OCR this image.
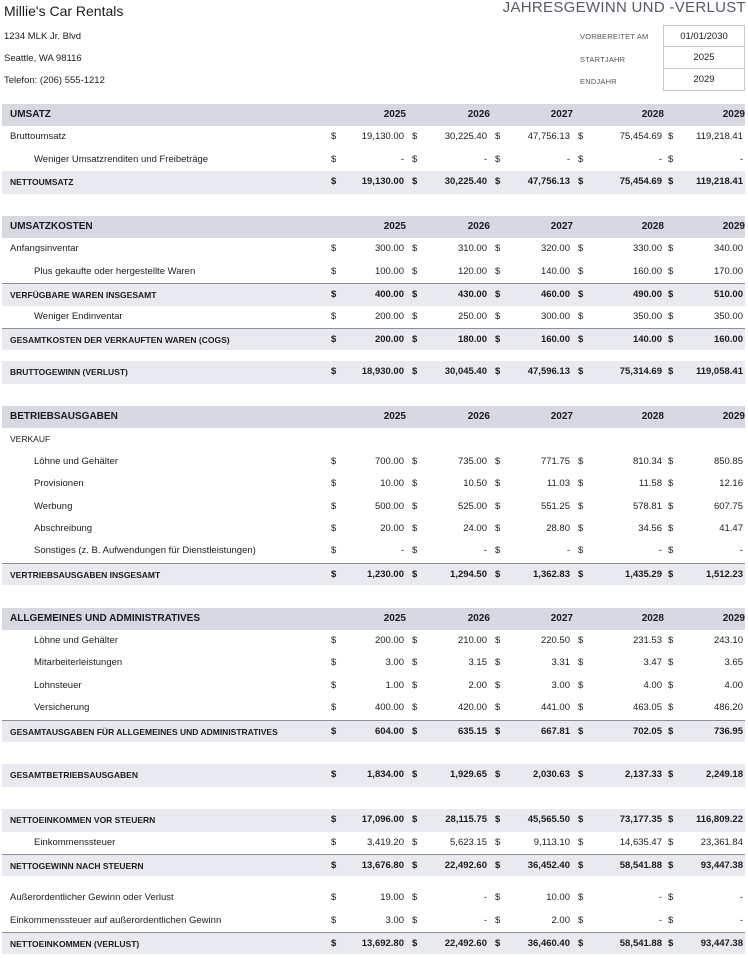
Millie's Car Rentals
1234 MLK Jr. Blvd
Seattle, WA 98116
Telefon: (206) 555-1212
JAHRESGEWINN UND -VERLUST
VORBEREITET AM	01/01/2030
STARTJAHR	2025
ENDJAHR	2029
UMSATZ	2025	2026	2027	2028	2029
Bruttoumsatz	$	19,130.00 $	30,225.40 $	47,756.13 $	75,454.69 $	119,218.41
Weniger Umsatzrenditen und Freibeträge	$	- $	- $	- $	- $	-
NETTOUMSATZ	$	19,130.00 $	30,225.40 $	47,756.13 $	75,454.69 $	119,218.41
UMSATZKOSTEN	2025	2026	2027	2028	2029
Anfangsinventar	$	300.00 $	310.00 $	320.00 $	330.00 $	340.00
Plus gekaufte oder hergestellte Waren	$	100.00 $	120.00 $	140.00 $	160.00 $	170.00
VERFÜGBARE WAREN INSGESAMT	$	400.00 $	430.00 $	460.00 $	490.00 $	510.00
Weniger Endinventar	$	200.00 $	250.00 $	300.00 $	350.00 $	350.00
GESAMTKOSTEN DER VERKAUFTEN WAREN (COGS)	$	200.00 $	180.00 $	160.00 $	140.00 $	160.00
BRUTTOGEWINN (VERLUST)	$	18,930.00 $	30,045.40 $	47,596.13 $	75,314.69 $	119,058.41
BETRIEBSAUSGABEN	2025	2026	2027	2028	2029
VERKAUF
Löhne und Gehälter	$	700.00 $	735.00 $	771.75 $	810.34 $	850.85
Provisionen	$	10.00 $	10.50 $	11.03 $	11.58 $	12.16
Werbung	$	500.00 $	525.00 $	551.25 $	578.81 $	607.75
Abschreibung	$	20.00 $	24.00 $	28.80 $	34.56 $	41.47
Sonstiges (z. B. Aufwendungen für Dienstleistungen)	$	- $	- $	- $	- $	-
VERTRIEBSAUSGABEN INSGESAMT	$	1,230.00 $	1,294.50 $	1,362.83 $	1,435.29 $	1,512.23
ALLGEMEINES UND ADMINISTRATIVES	2025	2026	2027	2028	2029
Löhne und Gehälter	$	200.00 $	210.00 $	220.50 $	231.53 $	243.10
Mitarbeiterleistungen	$	3.00 $	3.15 $	3.31 $	3.47 $	3.65
Lohnsteuer	$	1.00 $	2.00 $	3.00 $	4.00 $	4.00
Versicherung	$	400.00 $	420.00 $	441.00 $	463.05 $	486.20
GESAMTAUSGABEN FÜR ALLGEMEINES UND ADMINISTRATIVES	$	604.00 $	635.15 $	667.81 $	702.05 $	736.95
GESAMTBETRIEBSAUSGABEN	$	1,834.00 $	1,929.65 $	2,030.63 $	2,137.33 $	2,249.18
NETTOEINKOMMEN VOR STEUERN	$	17,096.00 $	28,115.75 $	45,565.50 $	73,177.35 $	116,809.22
Einkommenssteuer	$	3,419.20 $	5,623.15 $	9,113.10 $	14,635.47 $	23,361.84
NETTOGEWINN NACH STEUERN	$	13,676.80 $	22,492.60 $	36,452.40 $	58,541.88 $	93,447.38
Außerordentlicher Gewinn oder Verlust	$	19.00 $	- $	10.00 $	- $	-
Einkommenssteuer auf außerordentlichen Gewinn	$	3.00 $	- $	2.00 $	- $	-
NETTOEINKOMMEN (VERLUST)	$	13,692.80 $	22,492.60 $	36,460.40 $	58,541.88 $	93,447.38
